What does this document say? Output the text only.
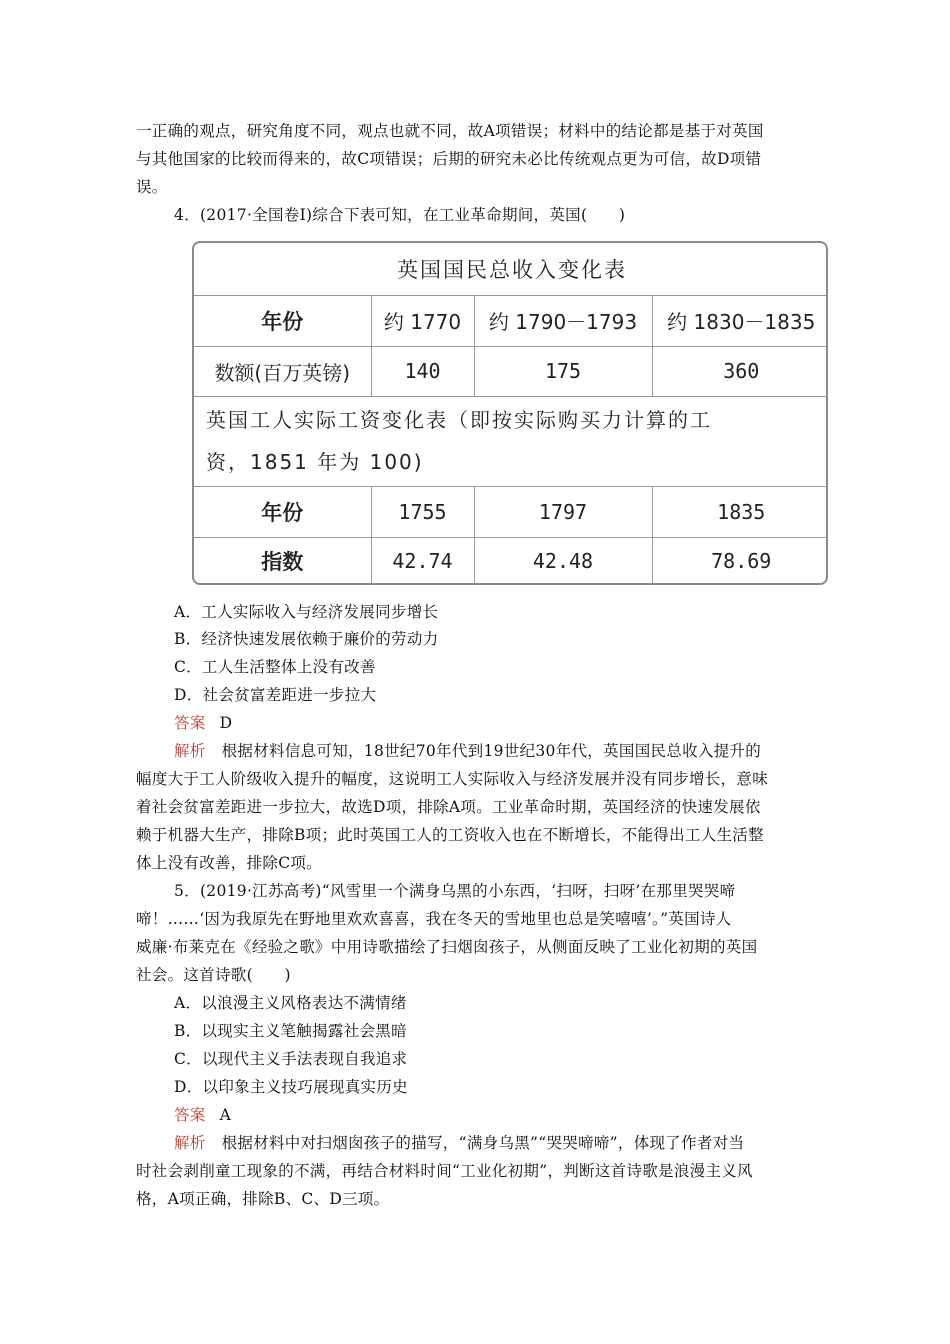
一正确的观点，研究角度不同，观点也就不同，故A项错误；材料中的结论都是基于对英国
与其他国家的比较而得来的，故C项错误；后期的研究未必比传统观点更为可信，故D项错
误。
4．(2017·全国卷Ⅰ)综合下表可知，在工业革命期间，英国(　　)
英国国民总收入变化表			
年份	约 1770	约 1790－1793	约 1830－1835
数额(百万英镑)	140	175	360

英国工人实际工资变化表（即按实际购买力计算的工
资，1851 年为 100)			

年份	1755	1797	1835
指数	42.74	42.48	78.69
A．工人实际收入与经济发展同步增长
B．经济快速发展依赖于廉价的劳动力
C．工人生活整体上没有改善
D．社会贫富差距进一步拉大
答案 D
解析 根据材料信息可知，18世纪70年代到19世纪30年代，英国国民总收入提升的
幅度大于工人阶级收入提升的幅度，这说明工人实际收入与经济发展并没有同步增长，意味
着社会贫富差距进一步拉大，故选D项，排除A项。工业革命时期，英国经济的快速发展依
赖于机器大生产，排除B项；此时英国工人的工资收入也在不断增长，不能得出工人生活整
体上没有改善，排除C项。
5．(2019·江苏高考)“风雪里一个满身乌黑的小东西，‘扫呀，扫呀’在那里哭哭啼
啼！……‘因为我原先在野地里欢欢喜喜，我在冬天的雪地里也总是笑嘻嘻’。”英国诗人
威廉·布莱克在《经验之歌》中用诗歌描绘了扫烟囱孩子，从侧面反映了工业化初期的英国
社会。这首诗歌(　　)
A．以浪漫主义风格表达不满情绪
B．以现实主义笔触揭露社会黑暗
C．以现代主义手法表现自我追求
D．以印象主义技巧展现真实历史
答案 A
解析 根据材料中对扫烟囱孩子的描写，“满身乌黑”“哭哭啼啼”，体现了作者对当
时社会剥削童工现象的不满，再结合材料时间“工业化初期”，判断这首诗歌是浪漫主义风
格，A项正确，排除B、C、D三项。
